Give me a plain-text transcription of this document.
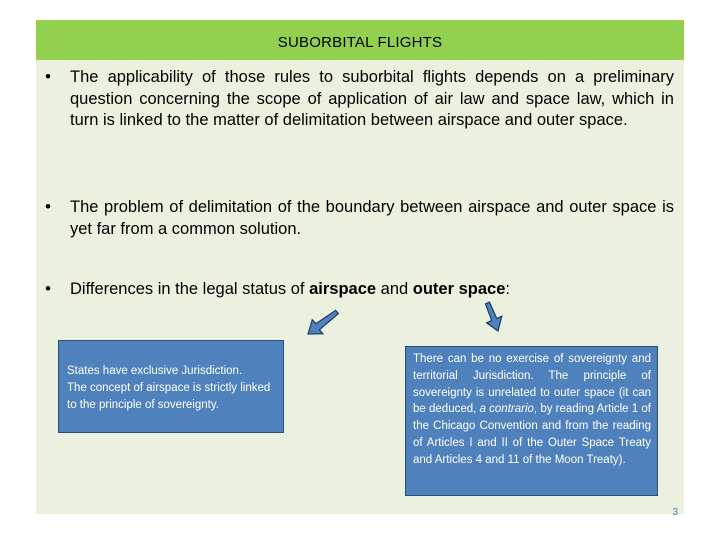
SUBORBITAL FLIGHTS
•	The applicability of those rules to suborbital flights depends on a preliminary question concerning the scope of application of air law and space law, which in turn is linked to the matter of delimitation between airspace and outer space.
•	The problem of delimitation of the boundary between airspace and outer space is yet far from a common solution.
•	Differences in the legal status of airspace and outer space:
States have exclusive Jurisdiction.
The concept of airspace is strictly linked to the principle of sovereignty.
There can be no exercise of sovereignty and territorial Jurisdiction. The principle of sovereignty is unrelated to outer space (it can be deduced, a contrario, by reading Article 1 of the Chicago Convention and from the reading of Articles I and II of the Outer Space Treaty and Articles 4 and 11 of the Moon Treaty).
3
